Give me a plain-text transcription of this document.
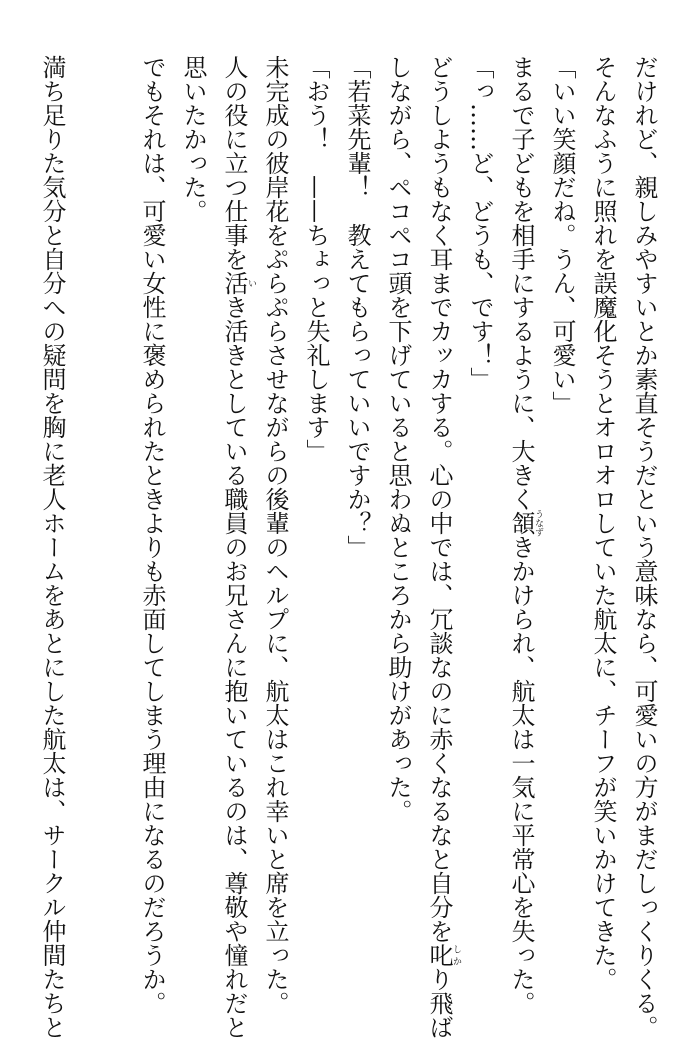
だけれど、親しみやすいとか素直そうだという意味なら、可愛いの方がまだしっくりくる。
そんなふうに照れを誤魔化そうとオロオロしていた航太に、チーフが笑いかけてきた。
「いい笑顔だね。うん、可愛い」
まるで子どもを相手にするように、大きく頷うなずきかけられ、航太は一気に平常心を失った。
「っ……ど、どうも、です！」
どうしようもなく耳までカッカする。心の中では、冗談なのに赤くなるなと自分を叱しかり飛ば
しながら、ペコペコ頭を下げていると思わぬところから助けがあった。
「若菜先輩！　教えてもらっていいですか？」
「おう！　——ちょっと失礼します」
未完成の彼岸花をぷらぷらさせながらの後輩のヘルプに、航太はこれ幸いと席を立った。
人の役に立つ仕事を活いき活きとしている職員のお兄さんに抱いているのは、尊敬や憧れだと
思いたかった。
でもそれは、可愛い女性に褒められたときよりも赤面してしまう理由になるのだろうか。
満ち足りた気分と自分への疑問を胸に老人ホームをあとにした航太は、サークル仲間たちと
